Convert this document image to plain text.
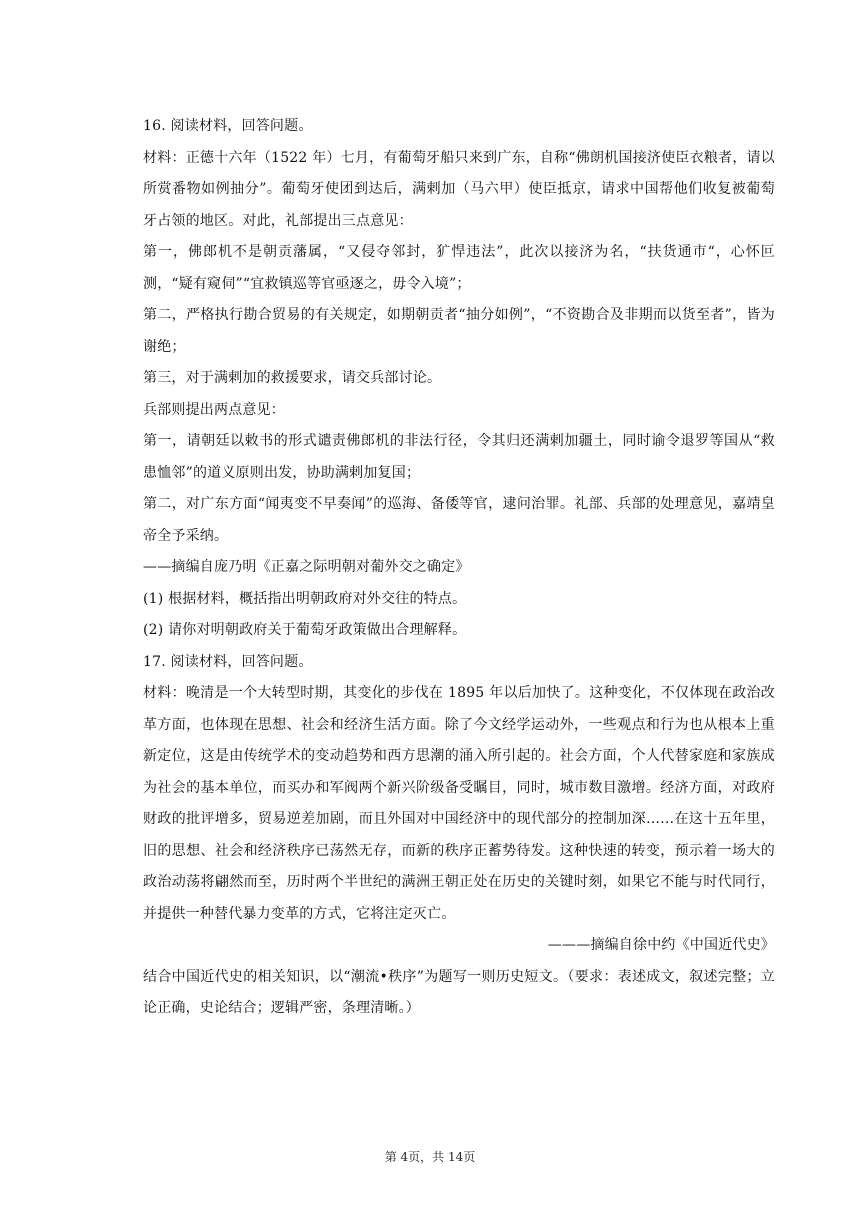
16. 阅读材料，回答问题。

材料：正德十六年（1522 年）七月，有葡萄牙船只来到广东，自称“佛朗机国接济使臣衣粮者，请以所赏番物如例抽分”。葡萄牙使团到达后，满剌加（马六甲）使臣抵京，请求中国帮他们收复被葡萄牙占领的地区。对此，礼部提出三点意见：

第一，佛郎机不是朝贡藩属，“又侵夺邻封，犷悍违法”，此次以接济为名，“扶货通市“，心怀叵测，“疑有窥伺”“宜救镇巡等官亟逐之，毋令入境”；

第二，严格执行勘合贸易的有关规定，如期朝贡者“抽分如例”，“不资勘合及非期而以货至者”，皆为谢绝；

第三，对于满剌加的救援要求，请交兵部讨论。

兵部则提出两点意见：

第一，请朝廷以敕书的形式谴责佛郎机的非法行径，令其归还满剌加疆土，同时谕令退罗等国从“救患恤邻”的道义原则出发，协助满剌加复国；

第二，对广东方面“闻夷变不早奏闻”的巡海、备倭等官，逮问治罪。礼部、兵部的处理意见，嘉靖皇帝全予采纳。

——摘编自庞乃明《正嘉之际明朝对葡外交之确定》

(1) 根据材料，概括指出明朝政府对外交往的特点。

(2) 请你对明朝政府关于葡萄牙政策做出合理解释。

17. 阅读材料，回答问题。

材料：晚清是一个大转型时期，其变化的步伐在 1895 年以后加快了。这种变化，不仅体现在政治改革方面，也体现在思想、社会和经济生活方面。除了今文经学运动外，一些观点和行为也从根本上重新定位，这是由传统学术的变动趋势和西方思潮的涌入所引起的。社会方面，个人代替家庭和家族成为社会的基本单位，而买办和军阀两个新兴阶级备受瞩目，同时，城市数目激增。经济方面，对政府财政的批评增多，贸易逆差加剧，而且外国对中国经济中的现代部分的控制加深……在这十五年里，旧的思想、社会和经济秩序已荡然无存，而新的秩序正蓄势待发。这种快速的转变，预示着一场大的政治动荡将翩然而至，历时两个半世纪的满洲王朝正处在历史的关键时刻，如果它不能与时代同行，并提供一种替代暴力变革的方式，它将注定灭亡。

———摘编自徐中约《中国近代史》

结合中国近代史的相关知识，以“潮流•秩序”为题写一则历史短文。（要求：表述成文，叙述完整；立论正确，史论结合；逻辑严密，条理清晰。）

第 4页，共 14页
